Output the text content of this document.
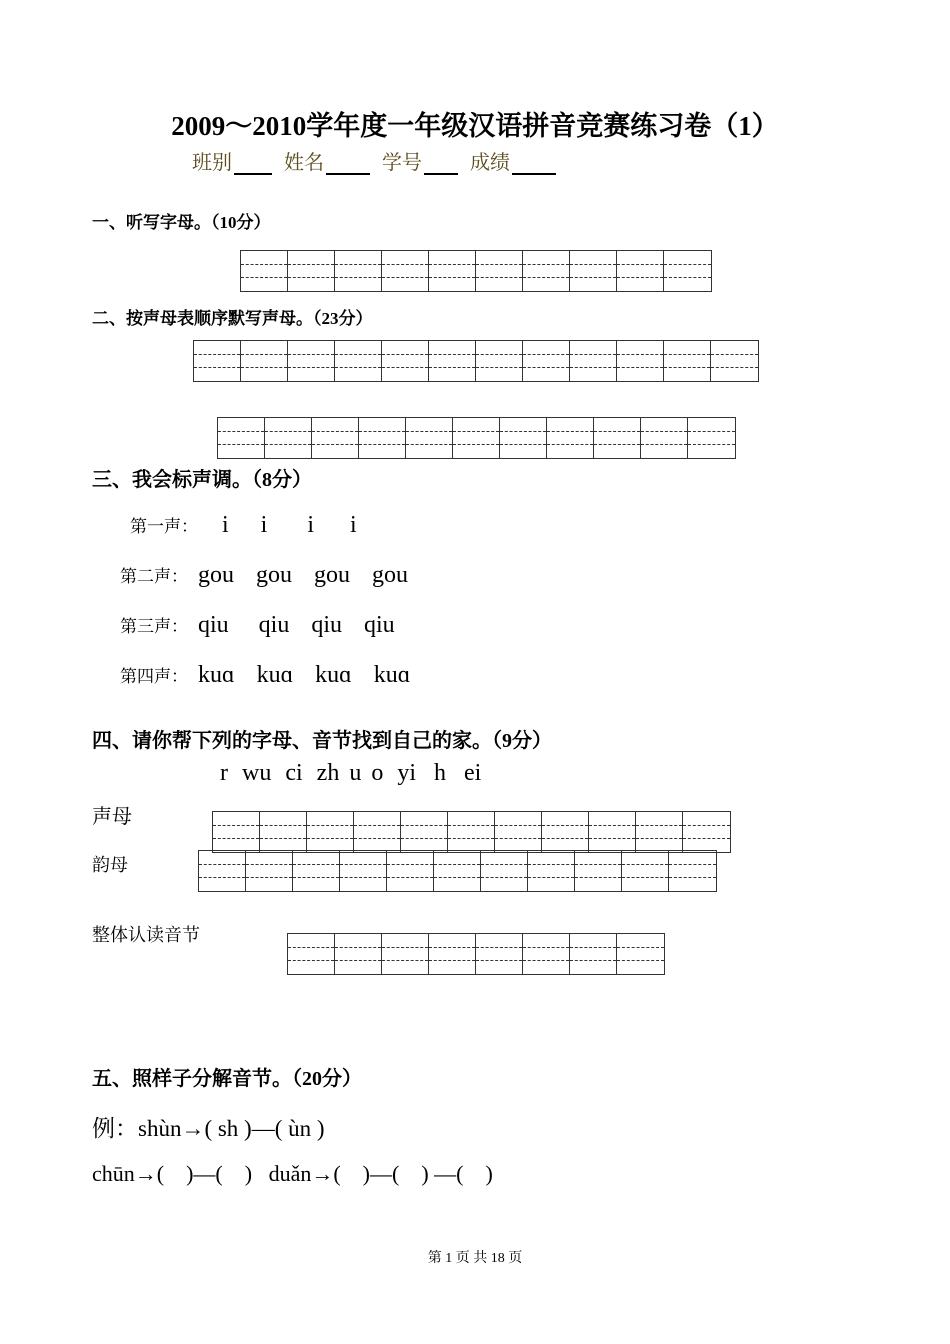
2009～2010学年度一年级汉语拼音竞赛练习卷（1）
班别	姓名	学号	成绩
一、听写字母。（10分）
二、按声母表顺序默写声母。（23分）
三、我会标声调。（8分）
第一声： i i i i
第二声： gou gou gou gou
第三声： qiu qiu qiu qiu
第四声： kuɑ kuɑ kuɑ kuɑ
四、请你帮下列的字母、音节找到自己的家。（9分）
r wu ci zh u o yi h ei
声母
韵母
整体认读音节
五、照样子分解音节。（20分）
例：shùn→( sh )—( ùn )
chūn→(    )—(    )   duǎn→(    )—(    ) —(    )
第 1 页 共 18 页
